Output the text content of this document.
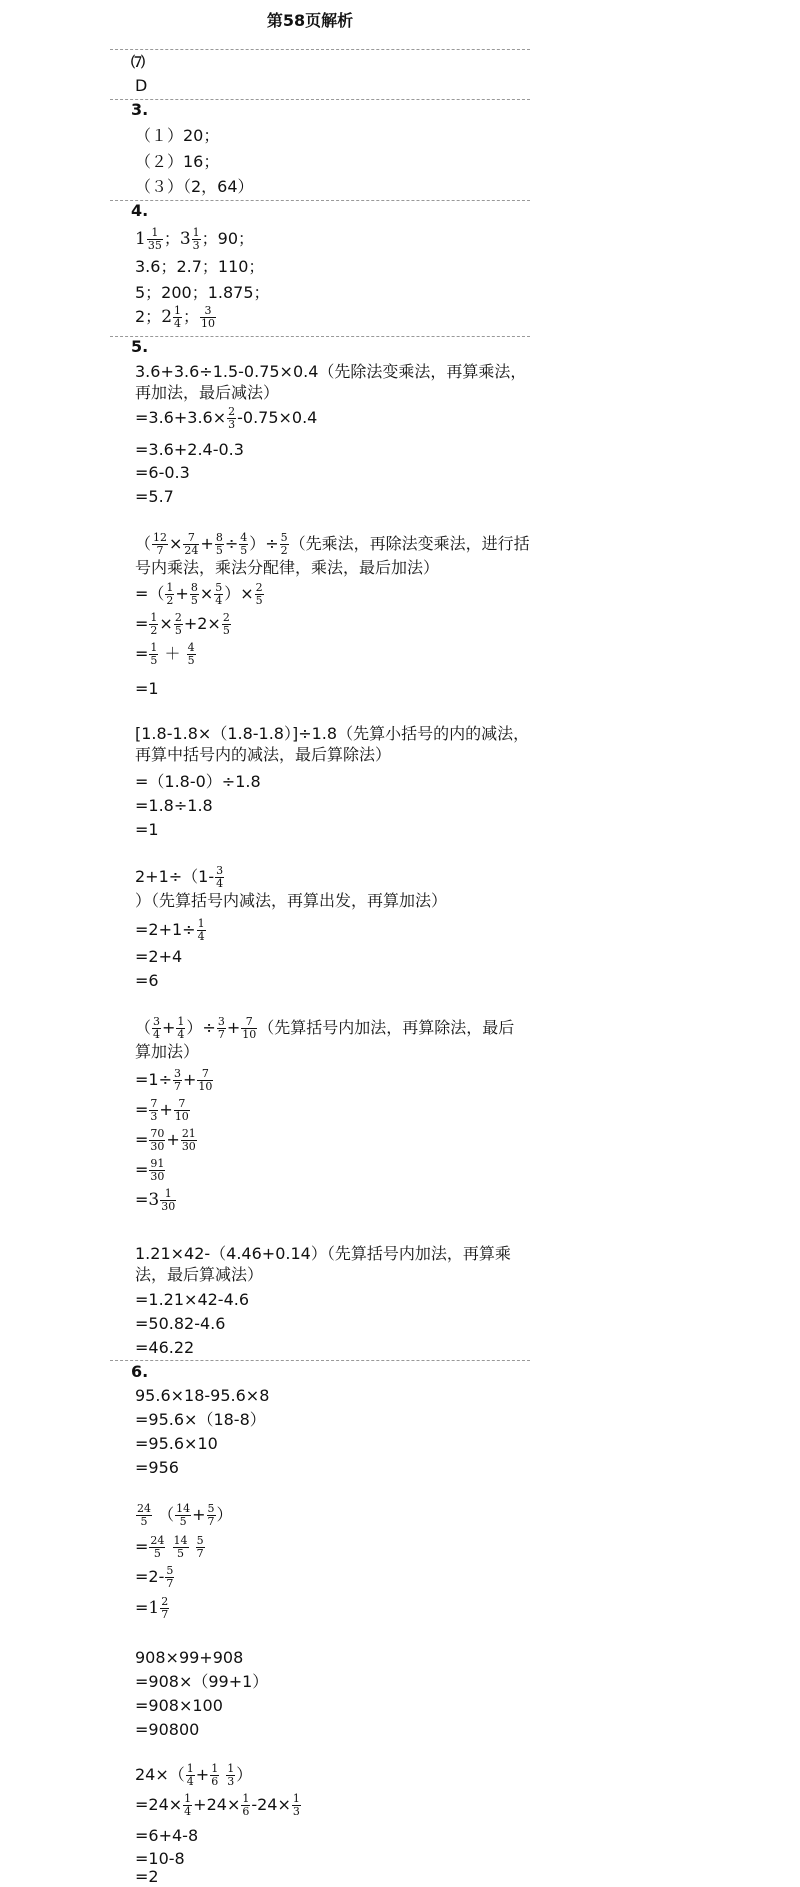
第58页解析
⑺
D
3.
（１）20；
（２）16；
（３）（2，64）
4.
$1 \frac{1}{35}$ ；$3 \frac{1}{3}$ ；90；
3.6；2.7；110；
5；200；1.875；
2；$2 \frac{1}{4}$ ； $\frac{3}{10}$
5.
3.6+3.6÷1.5-0.75×0.4（先除法变乘法，再算乘法，再加法，最后减法）
$=3.6+3.6\times \frac{2}{3} -0.75\times 0.4$
=3.6+2.4-0.3
=6-0.3
=5.7
（ $\frac{12}{7} \times \frac{7}{24} + \frac{8}{5} \div \frac{4}{5}$ ）÷ $\frac{5}{2}$ （先乘法，再除法变乘法，进行括号内乘法，乘法分配律，乘法，最后加法）
=（ $\frac{1}{2} + \frac{8}{5} \times \frac{5}{4}$ ）× $\frac{2}{5}$
= $\frac{1}{2} \times \frac{2}{5} +2\times \frac{2}{5}$
= $\frac{1}{5} + \frac{4}{5}$
=1
[1.8-1.8×（1.8-1.8）]÷1.8（先算小括号的内的减法，再算中括号内的减法，最后算除法）
=（1.8-0）÷1.8
=1.8÷1.8
=1
$2+1\div(1- \frac{3}{4}$
）（先算括号内减法，再算出发，再算加法）
$=2+1\div \frac{1}{4}$
=2+4
=6
（ $\frac{3}{4} + \frac{1}{4}$ ）÷ $\frac{3}{7} + \frac{7}{10}$ （先算括号内加法，再算除法，最后算加法）
$=1\div \frac{3}{7} + \frac{7}{10}$
= $\frac{7}{3} + \frac{7}{10}$
= $\frac{70}{30} + \frac{21}{30}$
= $\frac{91}{30}$
$=3 \frac{1}{30}$
1.21×42-（4.46+0.14）（先算括号内加法，再算乘法，最后算减法）
=1.21×42-4.6
=50.82-4.6
=46.22
6.
95.6×18-95.6×8
=95.6×（18-8）
=95.6×10
=956
$\frac{24}{5}$ （ $\frac{14}{5} + \frac{5}{7}$ ）
= $\frac{24}{5}$
$\frac{14}{5}$
$\frac{5}{7}$
$=2- \frac{5}{7}$
$=1 \frac{2}{7}$
908×99+908
=908×（99+1）
=908×100
=90800
$24\times( \frac{1}{4} + \frac{1}{6}$
$\frac{1}{3}$ ）
$=24\times \frac{1}{4} +24\times \frac{1}{6} -24\times \frac{1}{3}$
=6+4-8
=10-8
=2
